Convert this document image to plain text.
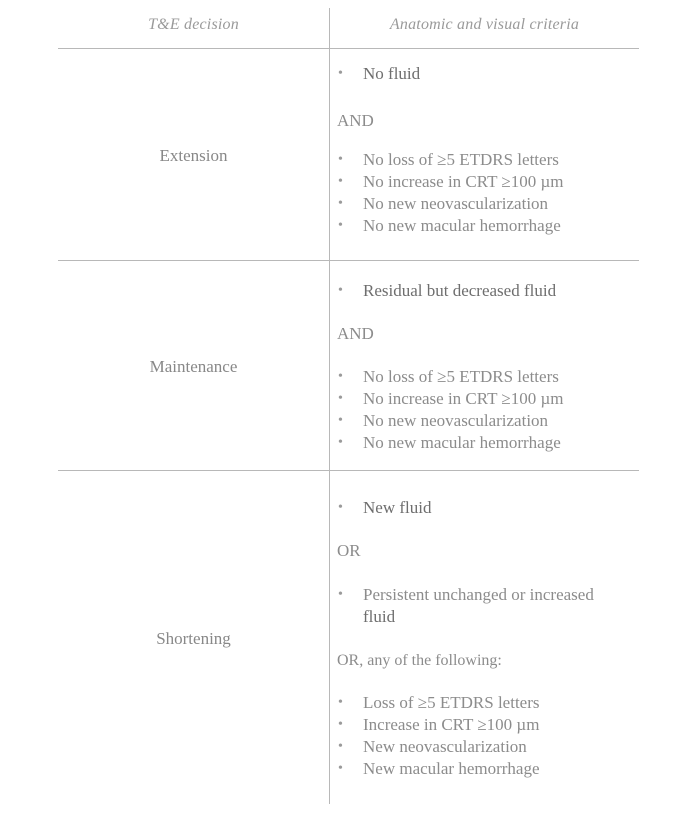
T&E decision	Anatomic and visual criteria
Extension
• No fluid
AND
• No loss of ≥5 ETDRS letters
• No increase in CRT ≥100 µm
• No new neovascularization
• No new macular hemorrhage
Maintenance
• Residual but decreased fluid
AND
• No loss of ≥5 ETDRS letters
• No increase in CRT ≥100 µm
• No new neovascularization
• No new macular hemorrhage
Shortening
• New fluid
OR
• Persistent unchanged or increased
fluid
OR, any of the following:
• Loss of ≥5 ETDRS letters
• Increase in CRT ≥100 µm
• New neovascularization
• New macular hemorrhage
